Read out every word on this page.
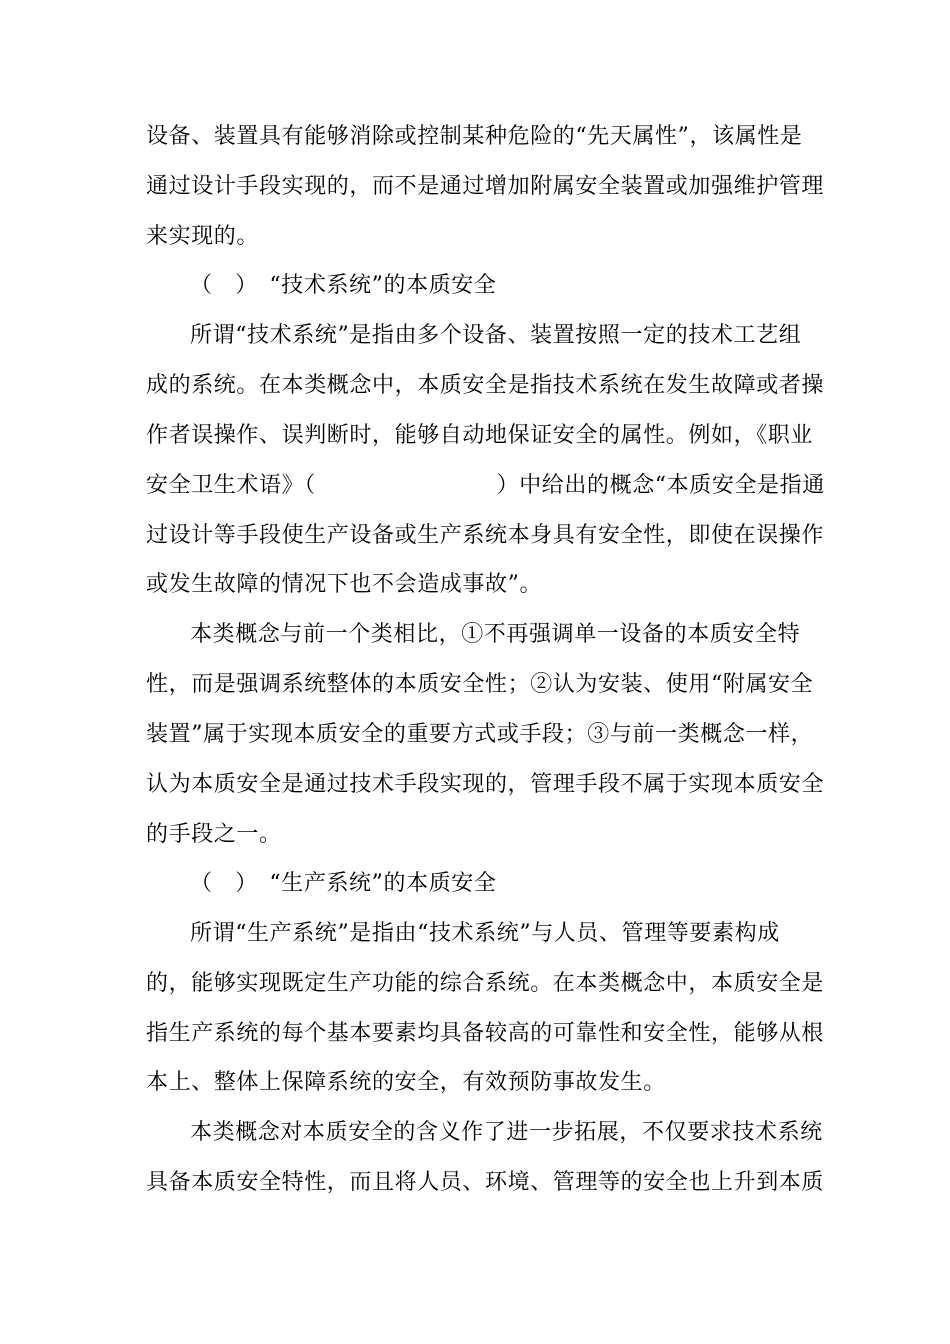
设备、装置具有能够消除或控制某种危险的“先天属性”，该属性是
通过设计手段实现的，而不是通过增加附属安全装置或加强维护管理
来实现的。
（　）　“技术系统”的本质安全
所谓“技术系统”是指由多个设备、装置按照一定的技术工艺组
成的系统。在本类概念中，本质安全是指技术系统在发生故障或者操
作者误操作、误判断时，能够自动地保证安全的属性。例如，《职业
安全卫生术语》（　　　　　　　　）中给出的概念“本质安全是指通
过设计等手段使生产设备或生产系统本身具有安全性，即使在误操作
或发生故障的情况下也不会造成事故”。
本类概念与前一个类相比，①不再强调单一设备的本质安全特
性，而是强调系统整体的本质安全性；②认为安装、使用“附属安全
装置”属于实现本质安全的重要方式或手段；③与前一类概念一样，
认为本质安全是通过技术手段实现的，管理手段不属于实现本质安全
的手段之一。
（　）　“生产系统”的本质安全
所谓“生产系统”是指由“技术系统”与人员、管理等要素构成
的，能够实现既定生产功能的综合系统。在本类概念中，本质安全是
指生产系统的每个基本要素均具备较高的可靠性和安全性，能够从根
本上、整体上保障系统的安全，有效预防事故发生。
本类概念对本质安全的含义作了进一步拓展，不仅要求技术系统
具备本质安全特性，而且将人员、环境、管理等的安全也上升到本质
